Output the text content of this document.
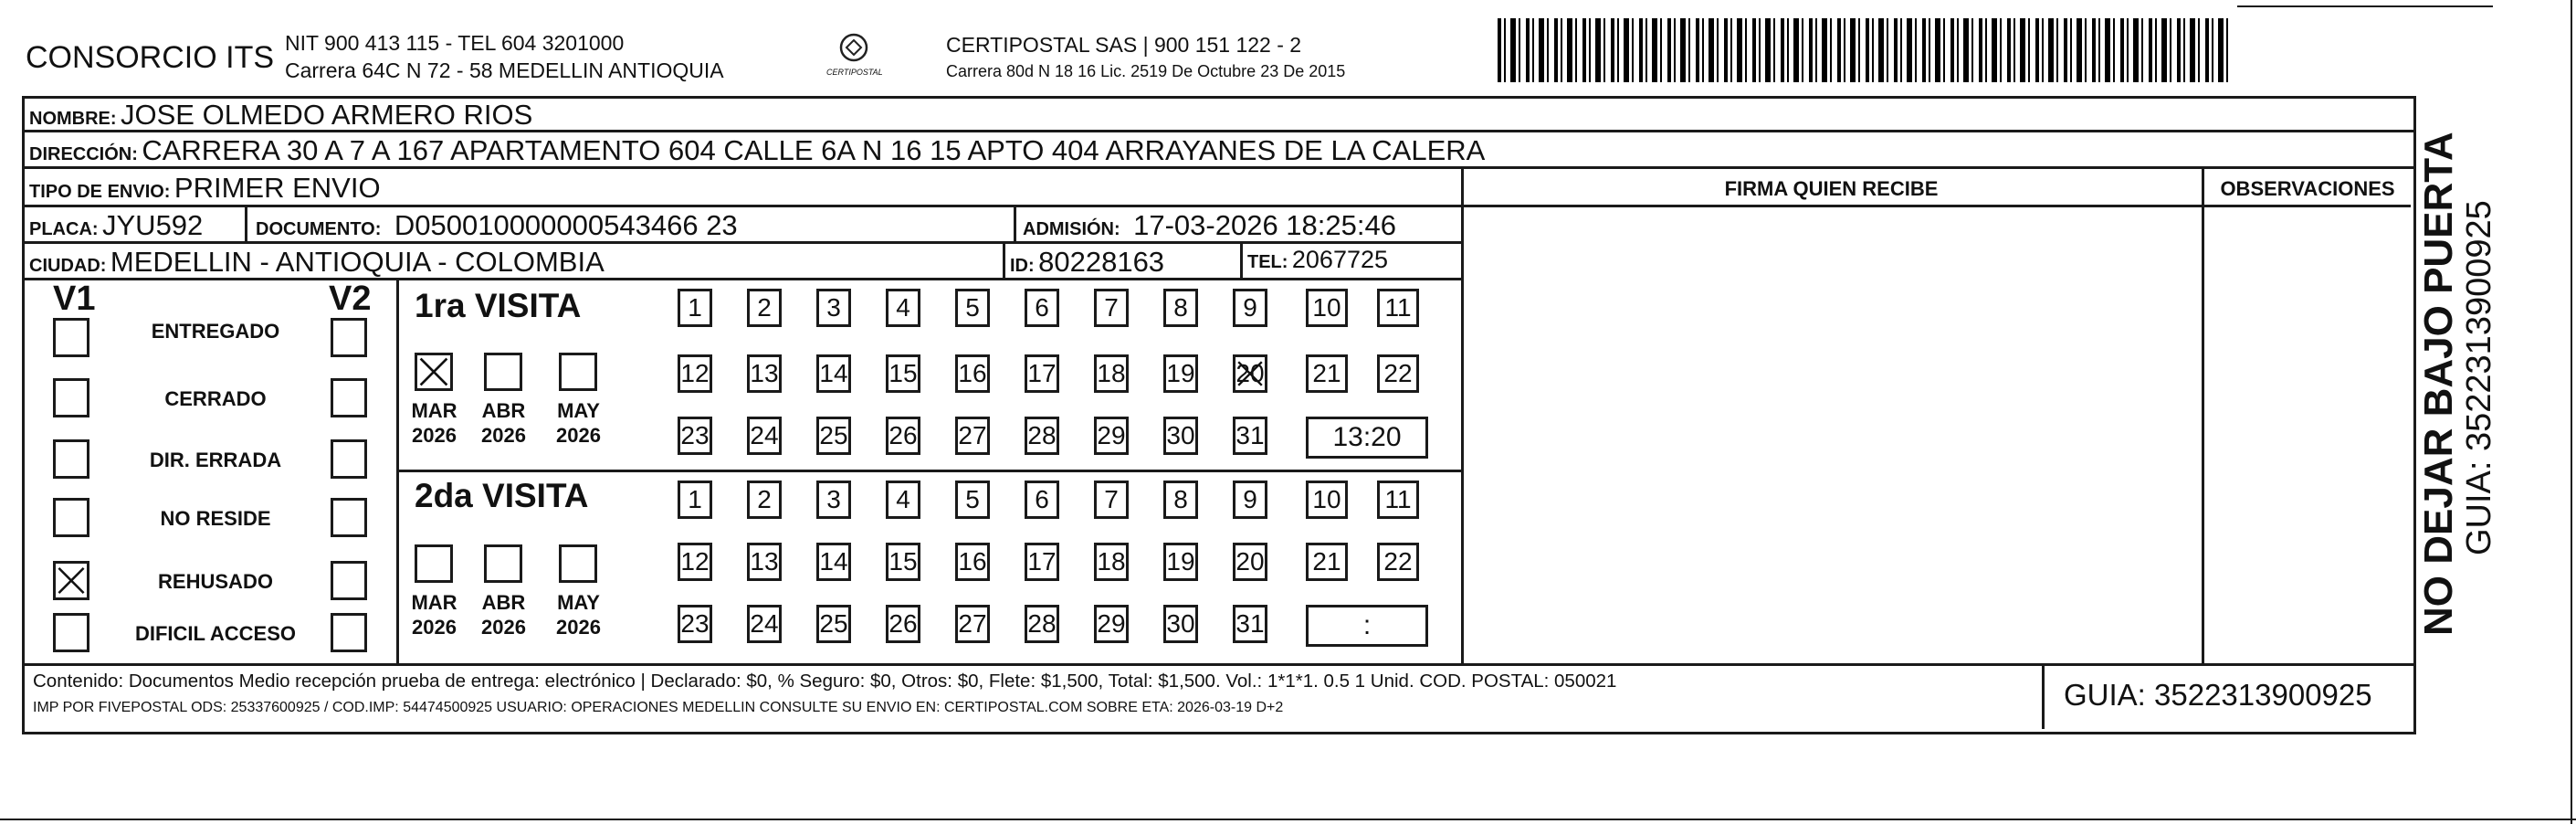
CONSORCIO ITS NIT 900 413 115 - TEL 604 3201000
Carrera 64C N 72 - 58 MEDELLIN ANTIOQUIA	CERTIPOSTAL
CERTIPOSTAL SAS | 900 151 122 - 2
Carrera 80d N 18 16 Lic. 2519 De Octubre 23 De 2015
NOMBRE: JOSE OLMEDO ARMERO RIOS
DIRECCIÓN: CARRERA 30 A 7 A 167 APARTAMENTO 604 CALLE 6A N 16 15 APTO 404 ARRAYANES DE LA CALERA
TIPO DE ENVIO: PRIMER ENVIO
PLACA: JYU592	DOCUMENTO: D050010000000543466 23	ADMISIÓN: 17-03-2026 18:25:46
CIUDAD: MEDELLIN - ANTIOQUIA - COLOMBIA	ID: 80228163	TEL: 2067725
FIRMA QUIEN RECIBE	OBSERVACIONES
V1	V2
ENTREGADO
CERRADO
DIR. ERRADA
NO RESIDE
REHUSADO
DIFICIL ACCESO
1ra VISITA
MAR
2026
ABR
2026
MAY
2026
1	2	3	4	5	6	7	8	9	10	11
12 13 14 15 16 17 18 19 20 21 22
23 24 25 26 27 28 29 30 31	13:20
2da VISITA
MAR
2026
ABR
2026
MAY
2026
1	2	3	4	5	6	7	8	9	10	11
12 13 14 15 16 17 18 19 20 21 22
23 24 25 26 27 28 29 30 31	:
Contenido: Documentos Medio recepción prueba de entrega: electrónico | Declarado: $0, % Seguro: $0, Otros: $0, Flete: $1,500, Total: $1,500. Vol.: 1*1*1. 0.5 1 Unid. COD. POSTAL: 050021
IMP POR FIVEPOSTAL ODS: 25337600925 / COD.IMP: 54474500925 USUARIO: OPERACIONES MEDELLIN CONSULTE SU ENVIO EN: CERTIPOSTAL.COM SOBRE ETA: 2026-03-19 D+2	GUIA: 3522313900925
NO DEJAR BAJO PUERTA GUIA: 3522313900925
